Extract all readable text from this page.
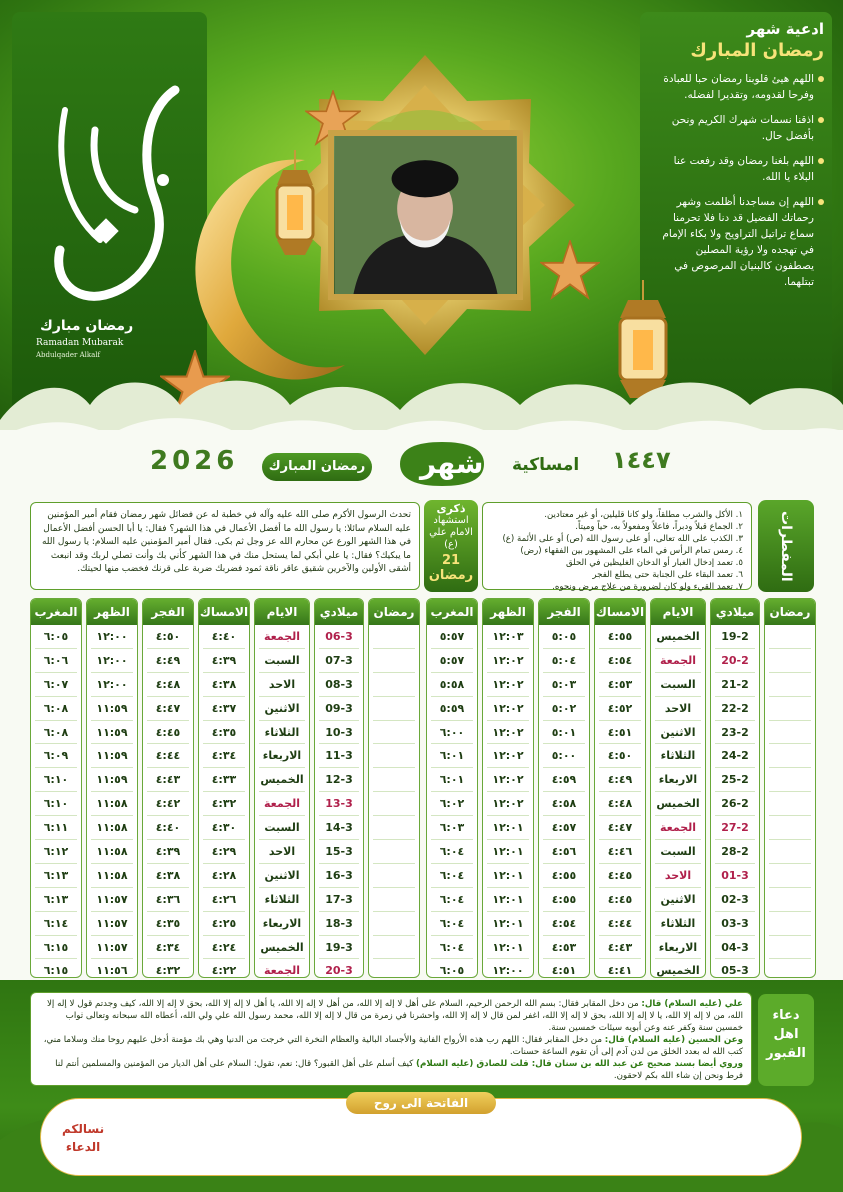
رمضان مبارك
Ramadan Mubarak
Abdulqader Alkalf
ادعية شهر
رمضان المبارك
اللهم هيئ قلوبنا رمضان حبا للعبادة وفرحا لقدومه، وتقديرا لفضله.
اذقنا نسمات شهرك الكريم ونحن بأفضل حال.
اللهم بلغنا رمضان وقد رفعت عنا البلاء يا الله.
اللهم إن مساجدنا أظلمت وشهر رحماتك الفضيل قد دنا فلا تحرمنا سماع تراتيل التراويح ولا بكاء الإمام في تهجده ولا رؤية المصلين يصطفون كالبنيان المرصوص في تبتلهما.
2026	رمضان المبارك شهر امساكية ١٤٤٧
تحدث الرسول الأكرم صلى الله عليه وآله في خطبة له عن فضائل شهر رمضان فقام أمير المؤمنين عليه السلام سائلا: يا رسول الله ما أفضل الأعمال في هذا الشهر؟ فقال: يا أبا الحسن أفضل الأعمال في هذا الشهر الورع عن محارم الله عز وجل ثم بكى. فقال أمير المؤمنين عليه السلام: يا رسول الله ما يبكيك؟ فقال: يا علي أبكي لما يستحل منك في هذا الشهر كأني بك وأنت تصلي لربك وقد انبعث أشقى الأولين والآخرين شقيق عاقر ناقة ثمود فضربك ضربة على قرنك فخضب منها لحيتك.
ذكرى
استشهاد
الامام علي (ع)
21 رمضان

١. الأكل والشرب مطلقاً، ولو كانا قليلين، أو غير معتادين.

٢. الجماع قبلاً ودبراً، فاعلاً ومفعولاً به، حياً وميتاً.

٣. الكذب على الله تعالى، أو على رسول الله (ص) أو على الأئمة (ع)

٤. رمس تمام الرأس في الماء على المشهور بين الفقهاء (رض)

٥. تعمد إدخال الغبار أو الدخان الغليظين في الحلق

٦. تعمد البقاء على الجنابة حتى يطلع الفجر

٧. تعمد القيء ولو كان لضرورة من علاج مرض ونحوه.

المفطرات
المغرب
٦:٠٥
٦:٠٦
٦:٠٧
٦:٠٨
٦:٠٨
٦:٠٩
٦:١٠
٦:١٠
٦:١١
٦:١٢
٦:١٣
٦:١٣
٦:١٤
٦:١٥
٦:١٥
الظهر
١٢:٠٠
١٢:٠٠
١٢:٠٠
١١:٥٩
١١:٥٩
١١:٥٩
١١:٥٩
١١:٥٨
١١:٥٨
١١:٥٨
١١:٥٨
١١:٥٧
١١:٥٧
١١:٥٧
١١:٥٦
الفجر
٤:٥٠
٤:٤٩
٤:٤٨
٤:٤٧
٤:٤٥
٤:٤٤
٤:٤٣
٤:٤٢
٤:٤٠
٤:٣٩
٤:٣٨
٤:٣٦
٤:٣٥
٤:٣٤
٤:٣٢
الامساك
٤:٤٠
٤:٣٩
٤:٣٨
٤:٣٧
٤:٣٥
٤:٣٤
٤:٣٣
٤:٣٢
٤:٣٠
٤:٢٩
٤:٢٨
٤:٢٦
٤:٢٥
٤:٢٤
٤:٢٢
الايام
الجمعة
السبت
الاحد
الاثنين
الثلاثاء
الاربعاء
الخميس
الجمعة
السبت
الاحد
الاثنين
الثلاثاء
الاربعاء
الخميس
الجمعة
ميلادي
06-3
07-3
08-3
09-3
10-3
11-3
12-3
13-3
14-3
15-3
16-3
17-3
18-3
19-3
20-3
رمضان	المغرب
٥:٥٧
٥:٥٧
٥:٥٨
٥:٥٩
٦:٠٠
٦:٠١
٦:٠١
٦:٠٢
٦:٠٣
٦:٠٤
٦:٠٤
٦:٠٤
٦:٠٤
٦:٠٤
٦:٠٥
الظهر
١٢:٠٣
١٢:٠٢
١٢:٠٢
١٢:٠٢
١٢:٠٢
١٢:٠٢
١٢:٠٢
١٢:٠٢
١٢:٠١
١٢:٠١
١٢:٠١
١٢:٠١
١٢:٠١
١٢:٠١
١٢:٠٠
الفجر
٥:٠٥
٥:٠٤
٥:٠٣
٥:٠٢
٥:٠١
٥:٠٠
٤:٥٩
٤:٥٨
٤:٥٧
٤:٥٦
٤:٥٥
٤:٥٥
٤:٥٤
٤:٥٣
٤:٥١
الامساك
٤:٥٥
٤:٥٤
٤:٥٣
٤:٥٢
٤:٥١
٤:٥٠
٤:٤٩
٤:٤٨
٤:٤٧
٤:٤٦
٤:٤٥
٤:٤٥
٤:٤٤
٤:٤٣
٤:٤١
الايام
الخميس
الجمعة
السبت
الاحد
الاثنين
الثلاثاء
الاربعاء
الخميس
الجمعة
السبت
الاحد
الاثنين
الثلاثاء
الاربعاء
الخميس
ميلادي
19-2
20-2
21-2
22-2
23-2
24-2
25-2
26-2
27-2
28-2
01-3
02-3
03-3
04-3
05-3
رمضان

علي (عليه السلام) قال: من دخل المقابر فقال: بسم الله الرحمن الرحيم، السلام على أهل لا إله إلا الله، من أهل لا إله إلا الله، يا أهل لا إله إلا الله، بحق لا إله إلا الله، كيف وجدتم قول لا إله إلا الله، من لا إله إلا الله، يا لا إله إلا الله، بحق لا إله إلا الله، اغفر لمن قال لا إله إلا الله، واحشرنا في زمرة من قال لا إله إلا الله، محمد رسول الله علي ولي الله، أعطاه الله سبحانه وتعالى ثواب خمسين سنة وكفر عنه وعن أبويه سيئات خمسين سنة.

وعن الحسين (عليه السلام) قال: من دخل المقابر فقال: اللهم رب هذه الأرواح الفانية والأجساد البالية والعظام النخرة التي خرجت من الدنيا وهي بك مؤمنة أدخل عليهم روحا منك وسلاما مني، كتب الله له بعدد الخلق من لدن آدم إلى أن تقوم الساعة حسنات.

وروي أيضا بسند صحيح عن عبد الله بن سنان قال: قلت للصادق (عليه السلام) كيف أسلم على أهل القبور؟ قال: نعم، تقول: السلام على أهل الديار من المؤمنين والمسلمين أنتم لنا فرط ونحن إن شاء الله بكم لاحقون.

دعاء اهل القبور
الفاتحة الى روح
نسالكم
الدعاء
